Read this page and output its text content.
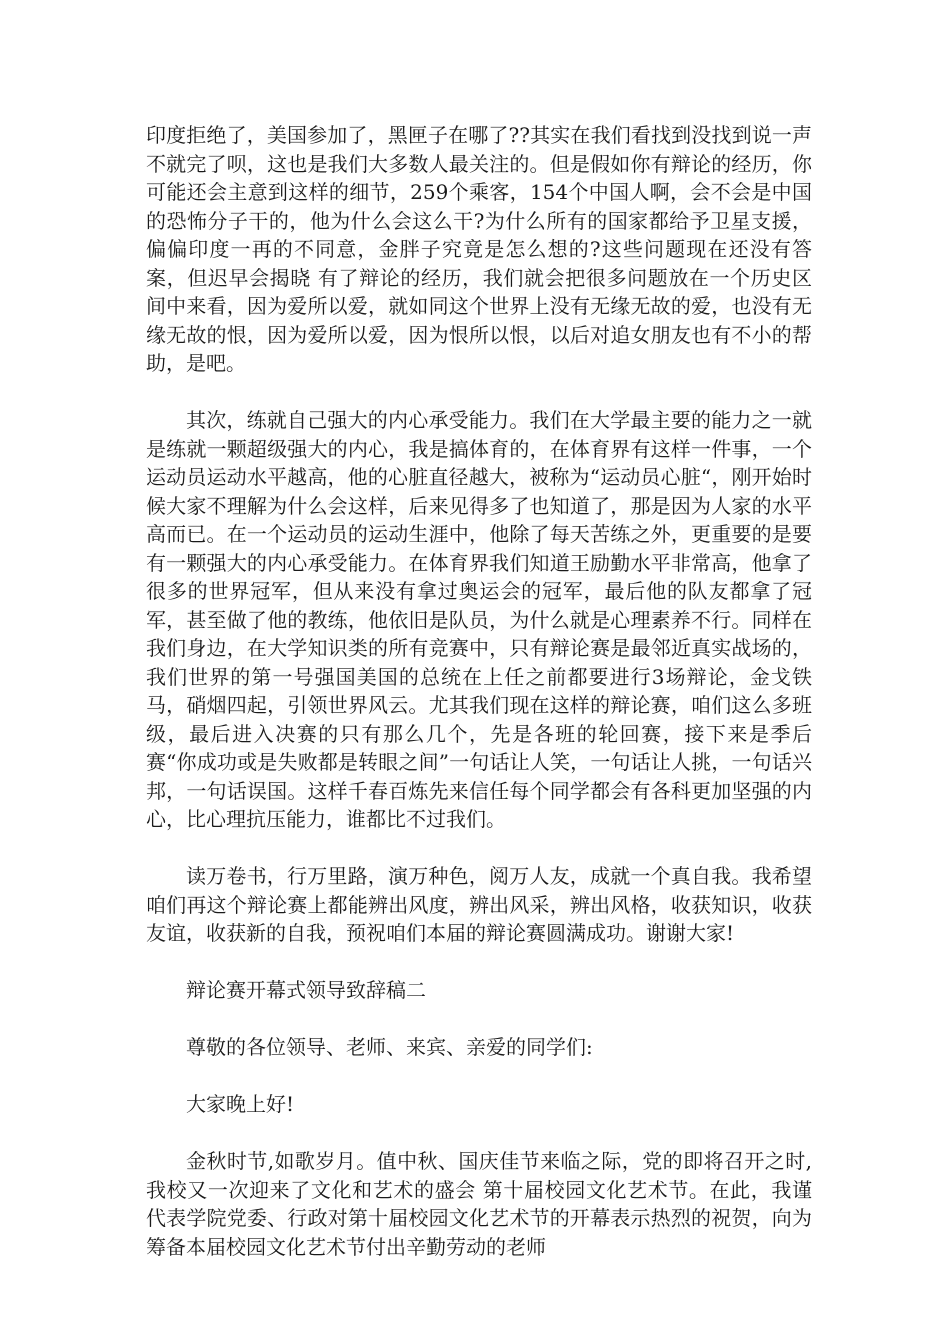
印度拒绝了，美国参加了，黑匣子在哪了??其实在我们看找到没找到说一声不就完了呗，这也是我们大多数人最关注的。但是假如你有辩论的经历，你可能还会主意到这样的细节，259个乘客，154个中国人啊，会不会是中国的恐怖分子干的，他为什么会这么干?为什么所有的国家都给予卫星支援，偏偏印度一再的不同意，金胖子究竟是怎么想的?这些问题现在还没有答案，但迟早会揭晓 有了辩论的经历，我们就会把很多问题放在一个历史区间中来看，因为爱所以爱，就如同这个世界上没有无缘无故的爱，也没有无缘无故的恨，因为爱所以爱，因为恨所以恨，以后对追女朋友也有不小的帮助，是吧。

其次，练就自己强大的内心承受能力。我们在大学最主要的能力之一就是练就一颗超级强大的内心，我是搞体育的，在体育界有这样一件事，一个运动员运动水平越高，他的心脏直径越大，被称为“运动员心脏“，刚开始时候大家不理解为什么会这样，后来见得多了也知道了，那是因为人家的水平高而已。在一个运动员的运动生涯中，他除了每天苦练之外，更重要的是要有一颗强大的内心承受能力。在体育界我们知道王励勤水平非常高，他拿了很多的世界冠军，但从来没有拿过奥运会的冠军，最后他的队友都拿了冠军，甚至做了他的教练，他依旧是队员，为什么就是心理素养不行。同样在我们身边，在大学知识类的所有竞赛中，只有辩论赛是最邻近真实战场的，我们世界的第一号强国美国的总统在上任之前都要进行3场辩论，金戈铁马，硝烟四起，引领世界风云。尤其我们现在这样的辩论赛，咱们这么多班级，最后进入决赛的只有那么几个，先是各班的轮回赛，接下来是季后赛“你成功或是失败都是转眼之间”一句话让人笑，一句话让人挑，一句话兴邦，一句话误国。这样千春百炼先来信任每个同学都会有各科更加坚强的内心，比心理抗压能力，谁都比不过我们。

读万卷书，行万里路，演万种色，阅万人友，成就一个真自我。我希望咱们再这个辩论赛上都能辨出风度，辨出风采，辨出风格，收获知识，收获友谊，收获新的自我，预祝咱们本届的辩论赛圆满成功。谢谢大家!

辩论赛开幕式领导致辞稿二

尊敬的各位领导、老师、来宾、亲爱的同学们:

大家晚上好!

金秋时节,如歌岁月。值中秋、国庆佳节来临之际，党的即将召开之时, 我校又一次迎来了文化和艺术的盛会 第十届校园文化艺术节。在此，我谨代表学院党委、行政对第十届校园文化艺术节的开幕表示热烈的祝贺，向为筹备本届校园文化艺术节付出辛勤劳动的老师
